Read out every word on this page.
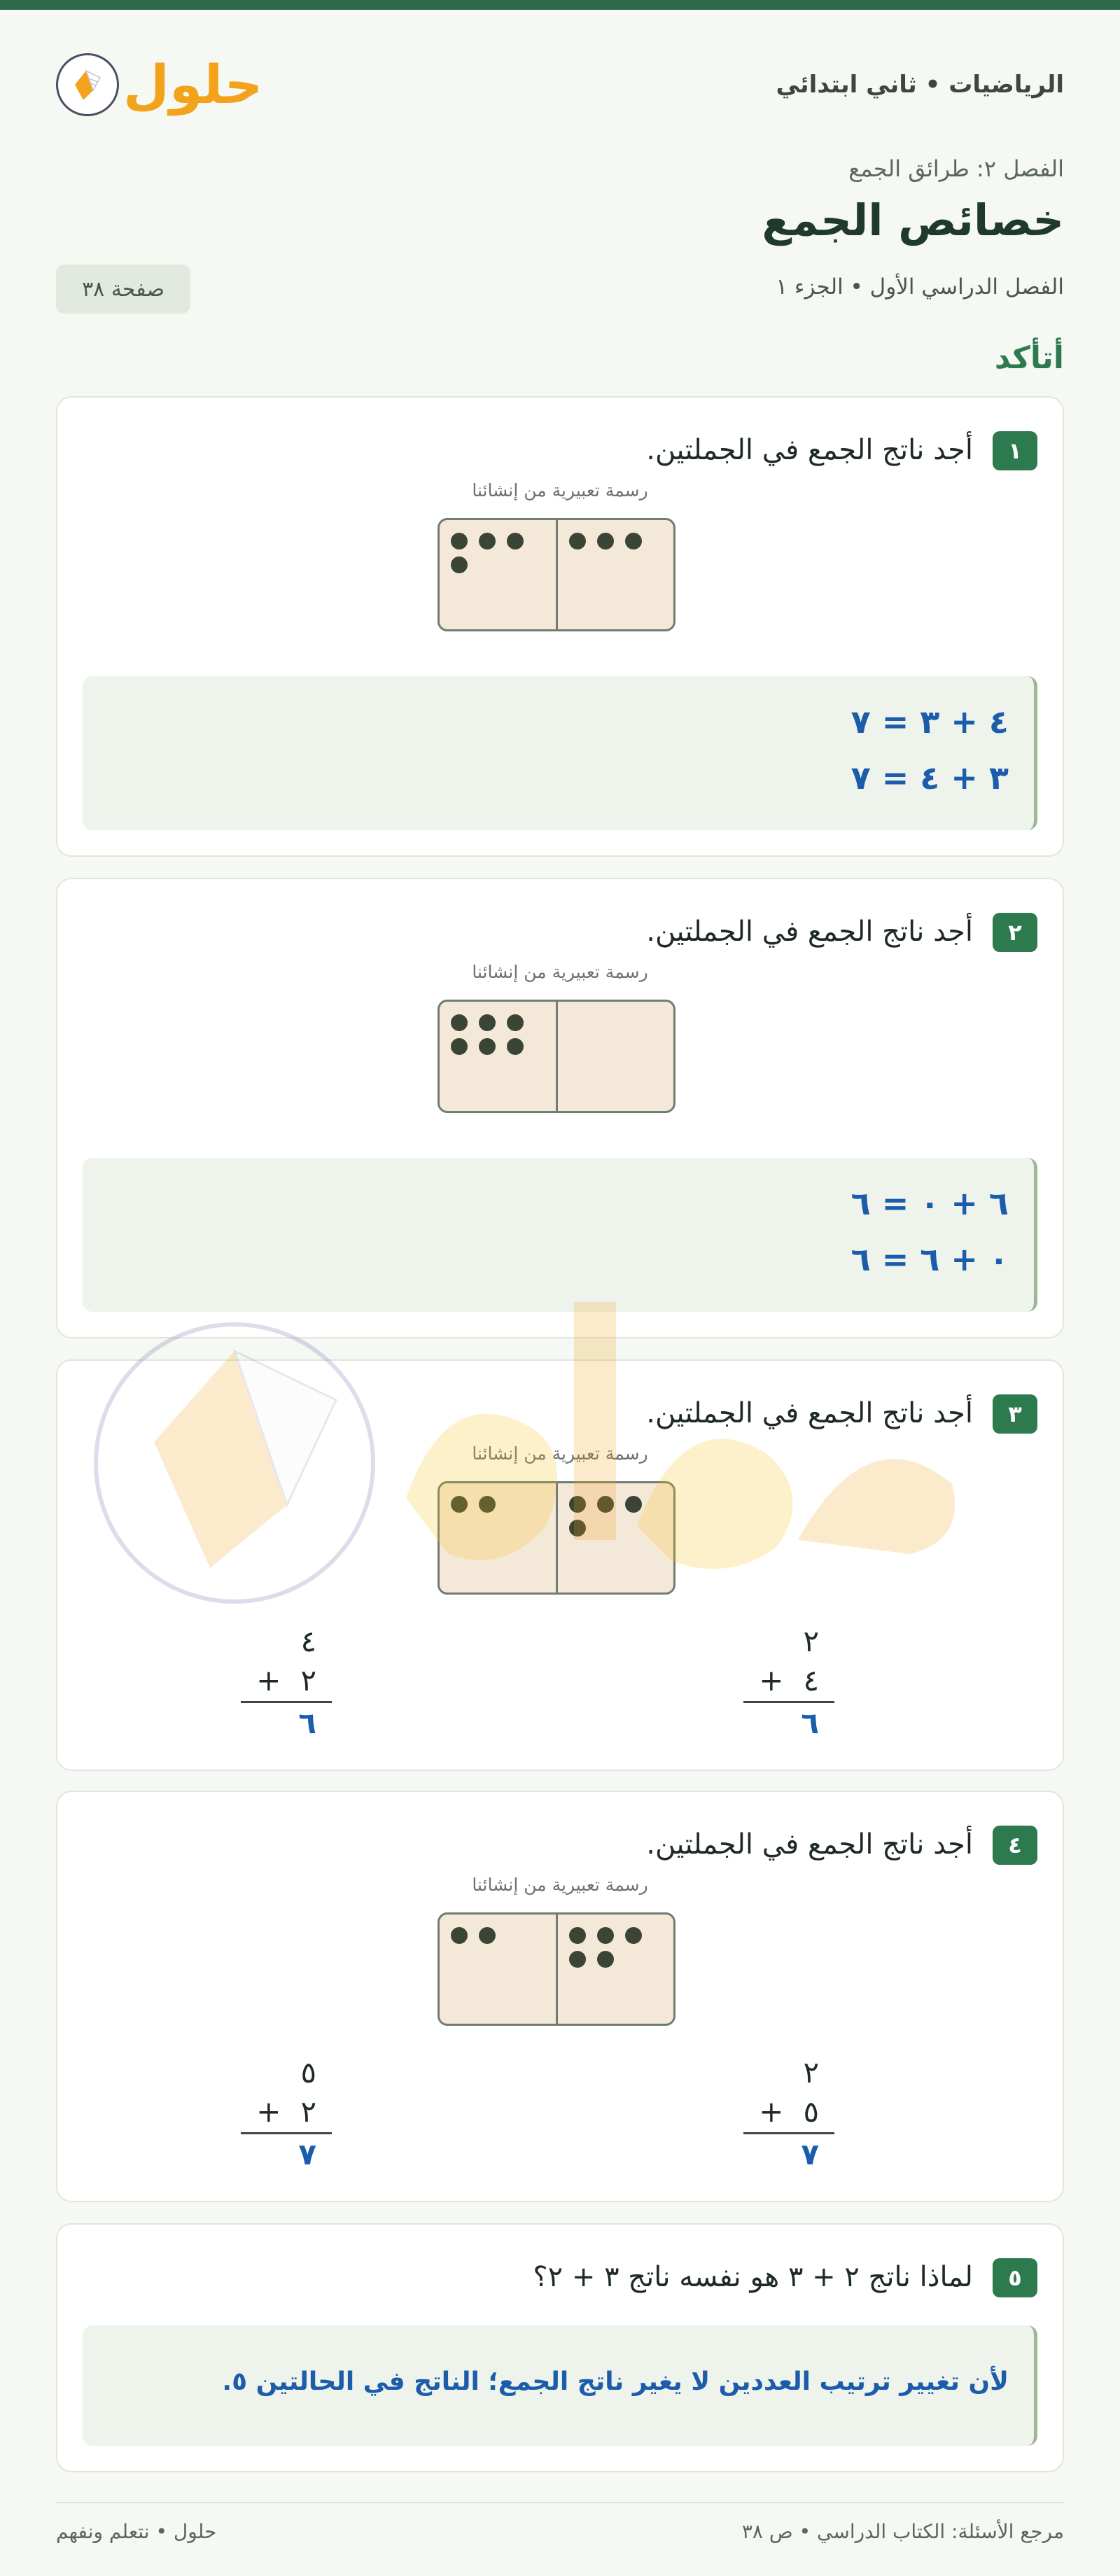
الرياضيات • ثاني ابتدائي
حلول
الفصل ٢: طرائق الجمع
خصائص الجمع
الفصل الدراسي الأول • الجزء ١
صفحة ٣٨
أتأكد
١
أجد ناتج الجمع في الجملتين.
رسمة تعبيرية من إنشائنا
٤ + ٣ = ٧
٣ + ٤ = ٧
٢
أجد ناتج الجمع في الجملتين.
رسمة تعبيرية من إنشائنا
٦ + ٠ = ٦
٠ + ٦ = ٦
٣
أجد ناتج الجمع في الجملتين.
رسمة تعبيرية من إنشائنا
٢
+ ٤
٦
٤
+ ٢
٦
٤
أجد ناتج الجمع في الجملتين.
رسمة تعبيرية من إنشائنا
٢
+ ٥
٧
٥
+ ٢
٧
٥
لماذا ناتج ٢ + ٣ هو نفسه ناتج ٣ + ٢؟
لأن تغيير ترتيب العددين لا يغير ناتج الجمع؛ الناتج في الحالتين ٥.
مرجع الأسئلة: الكتاب الدراسي • ص ٣٨
حلول • نتعلم ونفهم
